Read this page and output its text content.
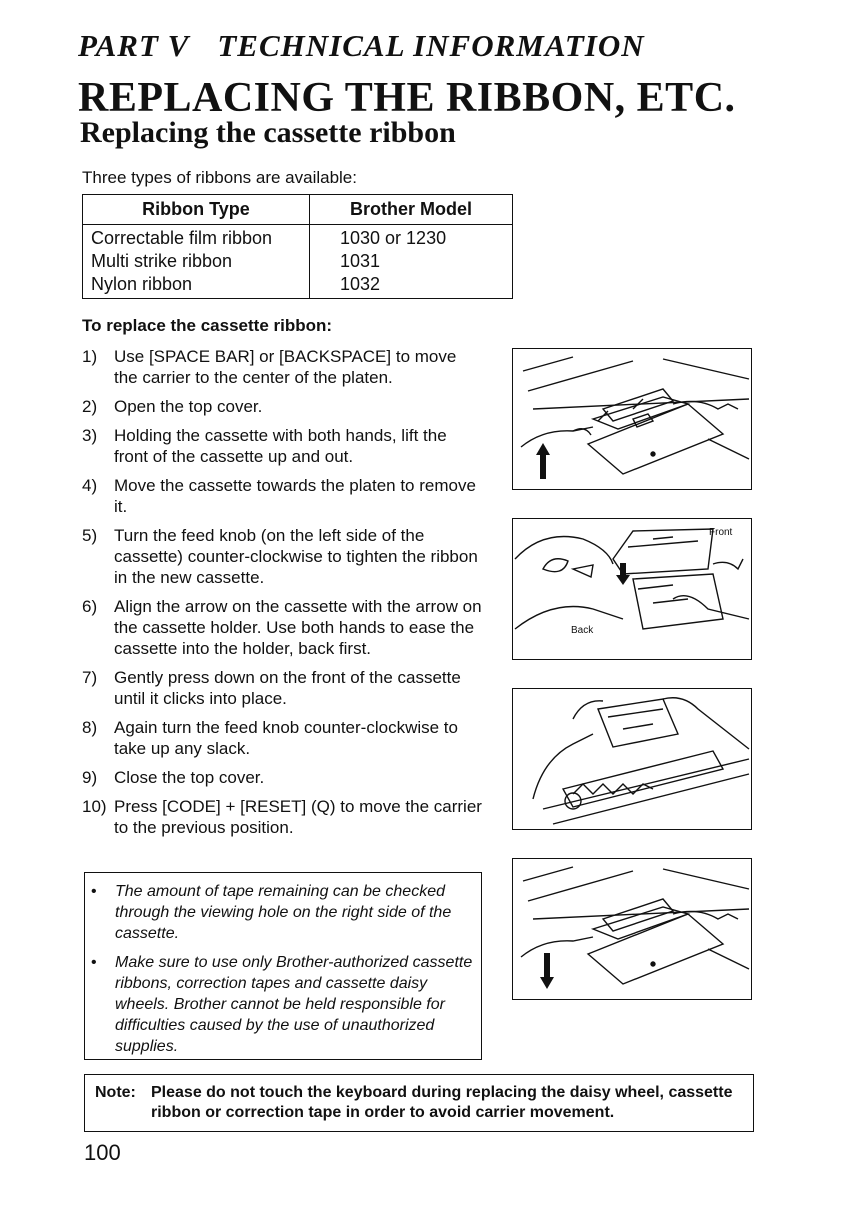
PART V TECHNICAL INFORMATION
REPLACING THE RIBBON, ETC.
Replacing the cassette ribbon
Three types of ribbons are available:
Ribbon Type	Brother Model
Correctable film ribbon	1030 or 1230
Multi strike ribbon	1031
Nylon ribbon	1032
To replace the cassette ribbon:
1) Use [SPACE BAR] or [BACKSPACE] to move the carrier to the center of the platen.
2) Open the top cover.
3) Holding the cassette with both hands, lift the front of the cassette up and out.
4) Move the cassette towards the platen to remove it.
5) Turn the feed knob (on the left side of the cassette) counter-clockwise to tighten the ribbon in the new cassette.
6) Align the arrow on the cassette with the arrow on the cassette holder. Use both hands to ease the cassette into the holder, back first.
7) Gently press down on the front of the cassette until it clicks into place.
8) Again turn the feed knob counter-clockwise to take up any slack.
9) Close the top cover.
10) Press [CODE] + [RESET] (Q) to move the carrier to the previous position.
• The amount of tape remaining can be checked through the viewing hole on the right side of the cassette.
• Make sure to use only Brother-authorized cassette ribbons, correction tapes and cassette daisy wheels. Brother cannot be held responsible for difficulties caused by the use of unauthorized supplies.
Front
Back
Note: Please do not touch the keyboard during replacing the daisy wheel, cassette ribbon or correction tape in order to avoid carrier movement.
100
